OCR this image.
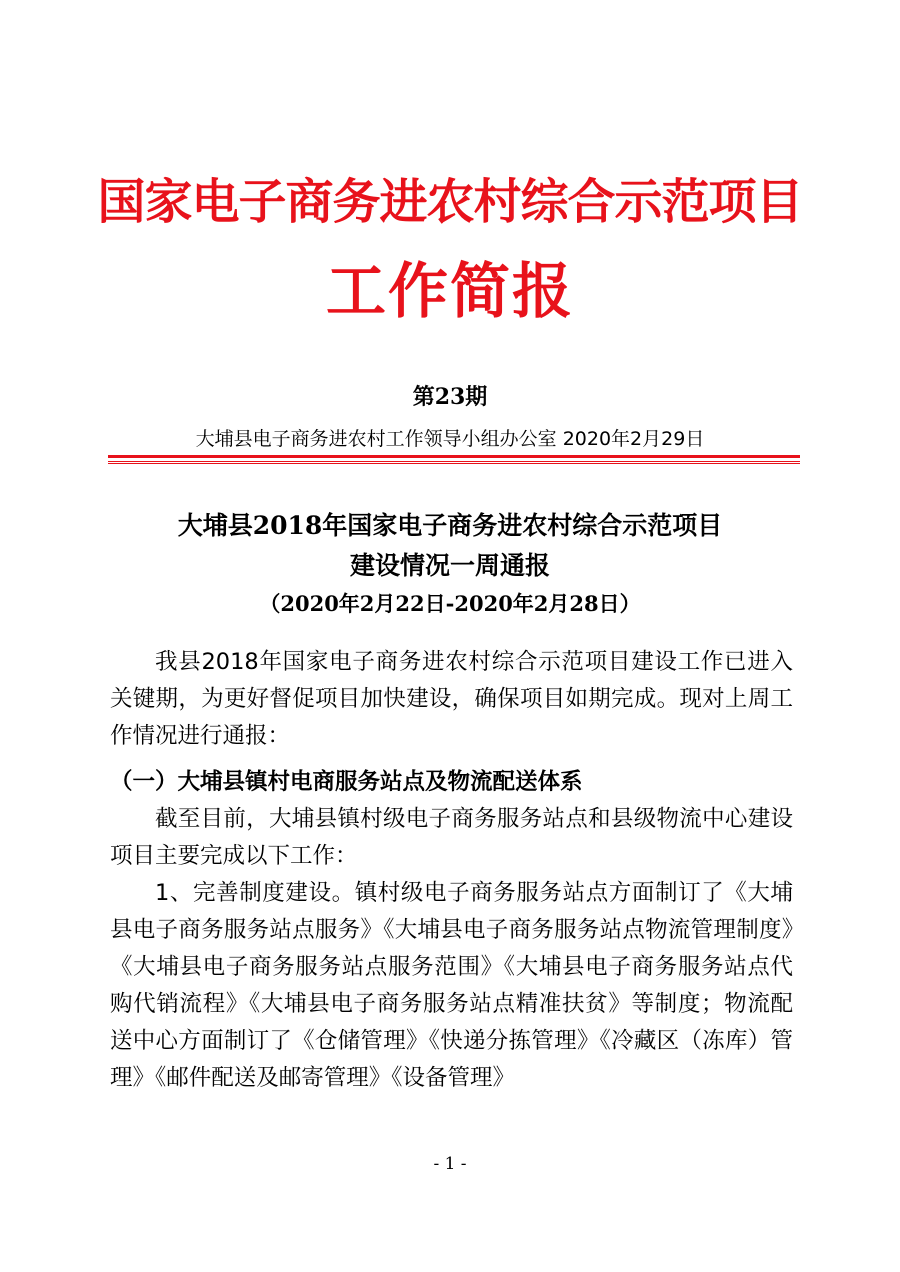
国家电子商务进农村综合示范项目
工作简报

第23期

大埔县电子商务进农村工作领导小组办公室 2020年2月29日

大埔县2018年国家电子商务进农村综合示范项目
建设情况一周通报

（2020年2月22日-2020年2月28日）

我县2018年国家电子商务进农村综合示范项目建设工作已进入关键期，为更好督促项目加快建设，确保项目如期完成。现对上周工作情况进行通报：

（一）大埔县镇村电商服务站点及物流配送体系

截至目前，大埔县镇村级电子商务服务站点和县级物流中心建设项目主要完成以下工作：

1、完善制度建设。镇村级电子商务服务站点方面制订了《大埔县电子商务服务站点服务》《大埔县电子商务服务站点物流管理制度》《大埔县电子商务服务站点服务范围》《大埔县电子商务服务站点代购代销流程》《大埔县电子商务服务站点精准扶贫》等制度；物流配送中心方面制订了《仓储管理》《快递分拣管理》《冷藏区（冻库）管理》《邮件配送及邮寄管理》《设备管理》

- 1 -
